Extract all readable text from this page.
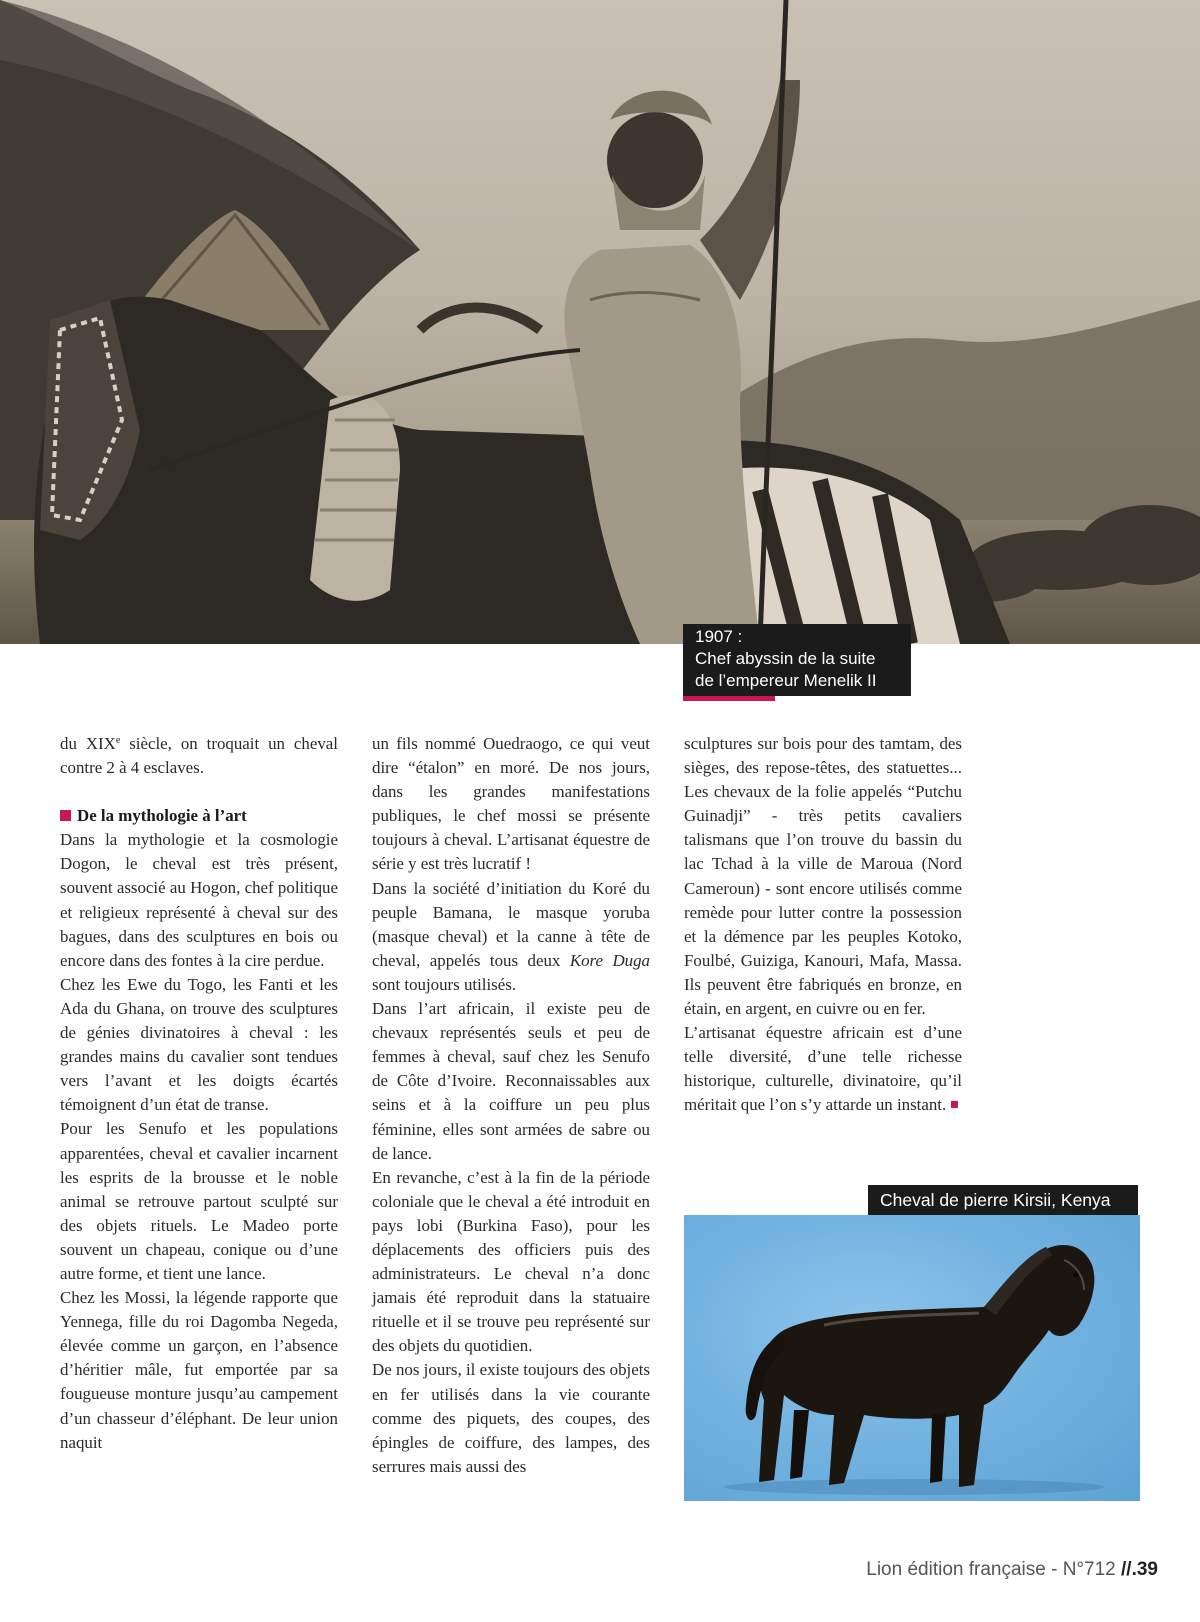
1907 :
Chef abyssin de la suite
de l’empereur Menelik II

du XIXe siècle, on troquait un cheval contre 2 à 4 esclaves.

De la mythologie à l’art

Dans la mythologie et la cosmologie Dogon, le cheval est très présent, souvent associé au Hogon, chef politique et religieux représenté à cheval sur des bagues, dans des sculptures en bois ou encore dans des fontes à la cire perdue.

Chez les Ewe du Togo, les Fanti et les Ada du Ghana, on trouve des sculptures de génies divinatoires à cheval : les grandes mains du cavalier sont tendues vers l’avant et les doigts écartés témoignent d’un état de transe.

Pour les Senufo et les populations apparentées, cheval et cavalier incarnent les esprits de la brousse et le noble animal se retrouve partout sculpté sur des objets rituels. Le Madeo porte souvent un chapeau, conique ou d’une autre forme, et tient une lance.

Chez les Mossi, la légende rapporte que Yennega, fille du roi Dagomba Negeda, élevée comme un garçon, en l’absence d’héritier mâle, fut emportée par sa fougueuse monture jusqu’au campement d’un chasseur d’éléphant. De leur union naquit

un fils nommé Ouedraogo, ce qui veut dire “étalon” en moré. De nos jours, dans les grandes manifestations publiques, le chef mossi se présente toujours à cheval. L’artisanat équestre de série y est très lucratif !

Dans la société d’initiation du Koré du peuple Bamana, le masque yoruba (masque cheval) et la canne à tête de cheval, appelés tous deux Kore Duga sont toujours utilisés.

Dans l’art africain, il existe peu de chevaux représentés seuls et peu de femmes à cheval, sauf chez les Senufo de Côte d’Ivoire. Reconnaissables aux seins et à la coiffure un peu plus féminine, elles sont armées de sabre ou de lance.

En revanche, c’est à la fin de la période coloniale que le cheval a été introduit en pays lobi (Burkina Faso), pour les déplacements des officiers puis des administrateurs. Le cheval n’a donc jamais été reproduit dans la statuaire rituelle et il se trouve peu représenté sur des objets du quotidien.

De nos jours, il existe toujours des objets en fer utilisés dans la vie courante comme des piquets, des coupes, des épingles de coiffure, des lampes, des serrures mais aussi des

sculptures sur bois pour des tamtam, des sièges, des repose-têtes, des statuettes... Les chevaux de la folie appelés “Putchu Guinadji” - très petits cavaliers talismans que l’on trouve du bassin du lac Tchad à la ville de Maroua (Nord Cameroun) - sont encore utilisés comme remède pour lutter contre la possession et la démence par les peuples Kotoko, Foulbé, Guiziga, Kanouri, Mafa, Massa. Ils peuvent être fabriqués en bronze, en étain, en argent, en cuivre ou en fer.

L’artisanat équestre africain est d’une telle diversité, d’une telle richesse historique, culturelle, divinatoire, qu’il méritait que l’on s’y attarde un instant.

Cheval de pierre Kirsii, Kenya
Lion édition française - N°712 //.39
